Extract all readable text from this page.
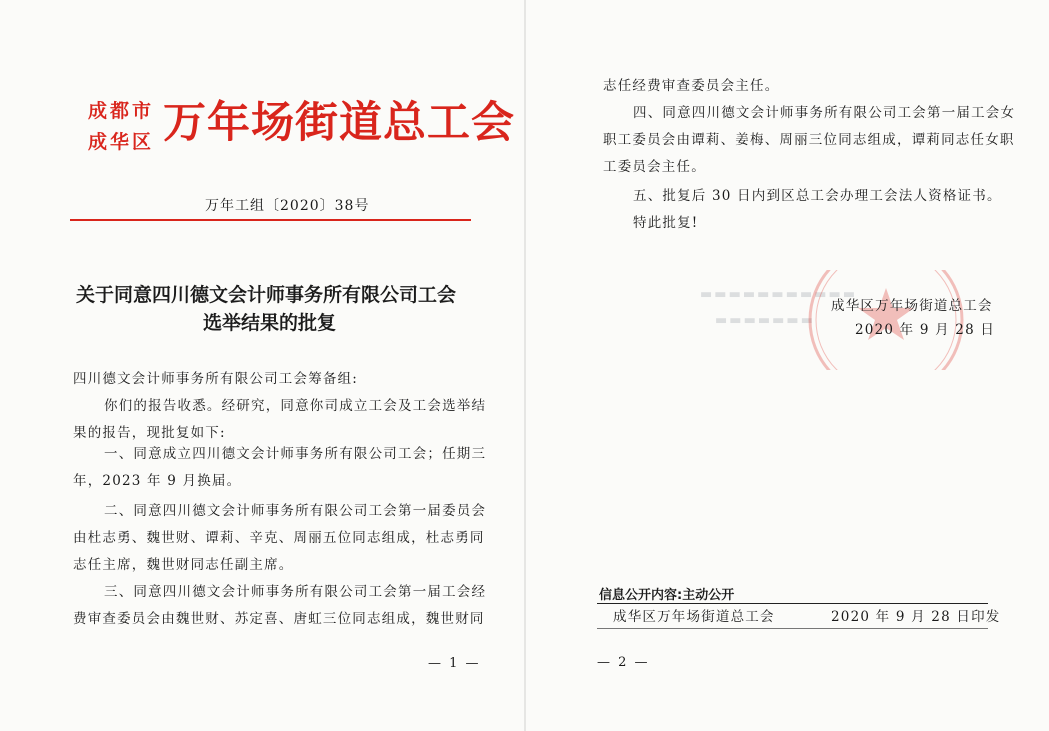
成都市
成华区 万年场街道总工会
万年工组〔2020〕38号
关于同意四川德文会计师事务所有限公司工会
选举结果的批复
四川德文会计师事务所有限公司工会筹备组:
你们的报告收悉。经研究，同意你司成立工会及工会选举结
果的报告，现批复如下:
一、同意成立四川德文会计师事务所有限公司工会；任期三
年，2023 年 9 月换届。
二、同意四川德文会计师事务所有限公司工会第一届委员会
由杜志勇、魏世财、谭莉、辛克、周丽五位同志组成，杜志勇同
志任主席，魏世财同志任副主席。
三、同意四川德文会计师事务所有限公司工会第一届工会经
费审查委员会由魏世财、苏定喜、唐虹三位同志组成，魏世财同
— 1 —
▬▬▬▬▬▬▬▬▬▬▬
▬▬▬▬▬▬▬
志任经费审查委员会主任。
四、同意四川德文会计师事务所有限公司工会第一届工会女
职工委员会由谭莉、姜梅、周丽三位同志组成，谭莉同志任女职
工委员会主任。
五、批复后 30 日内到区总工会办理工会法人资格证书。
特此批复!
成华区万年场街道总工会
2020 年 9 月 28 日
信息公开内容:主动公开
成华区万年场街道总工会	2020 年 9 月 28 日印发
— 2 —
